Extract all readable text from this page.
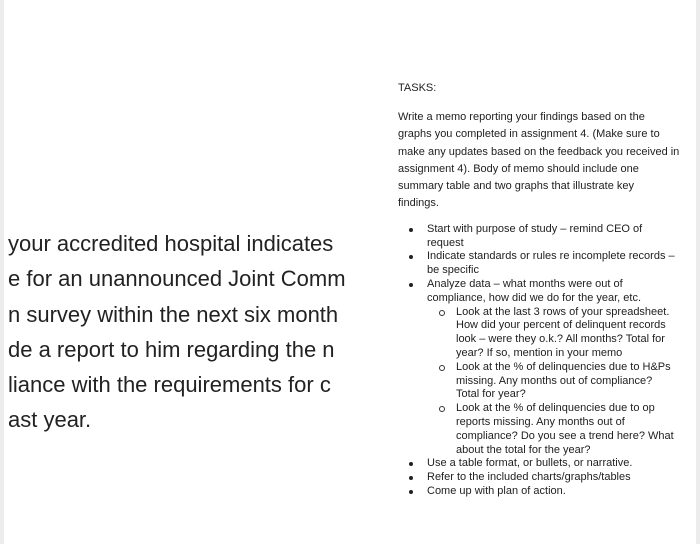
your accredited hospital indicates
e for an unannounced Joint Comm
n survey within the next six month
de a report to him regarding the n
liance with the requirements for c
ast year.
TASKS:
Write a memo reporting your findings based on the
graphs you completed in assignment 4. (Make sure to
make any updates based on the feedback you received in
assignment 4). Body of memo should include one
summary table and two graphs that illustrate key
findings.
Start with purpose of study – remind CEO of
request
Indicate standards or rules re incomplete records –
be specific
Analyze data – what months were out of
compliance, how did we do for the year, etc.
Look at the last 3 rows of your spreadsheet.
How did your percent of delinquent records
look – were they o.k.? All months? Total for
year? If so, mention in your memo
Look at the % of delinquencies due to H&Ps
missing. Any months out of compliance?
Total for year?
Look at the % of delinquencies due to op
reports missing. Any months out of
compliance? Do you see a trend here? What
about the total for the year?
Use a table format, or bullets, or narrative.
Refer to the included charts/graphs/tables
Come up with plan of action.
